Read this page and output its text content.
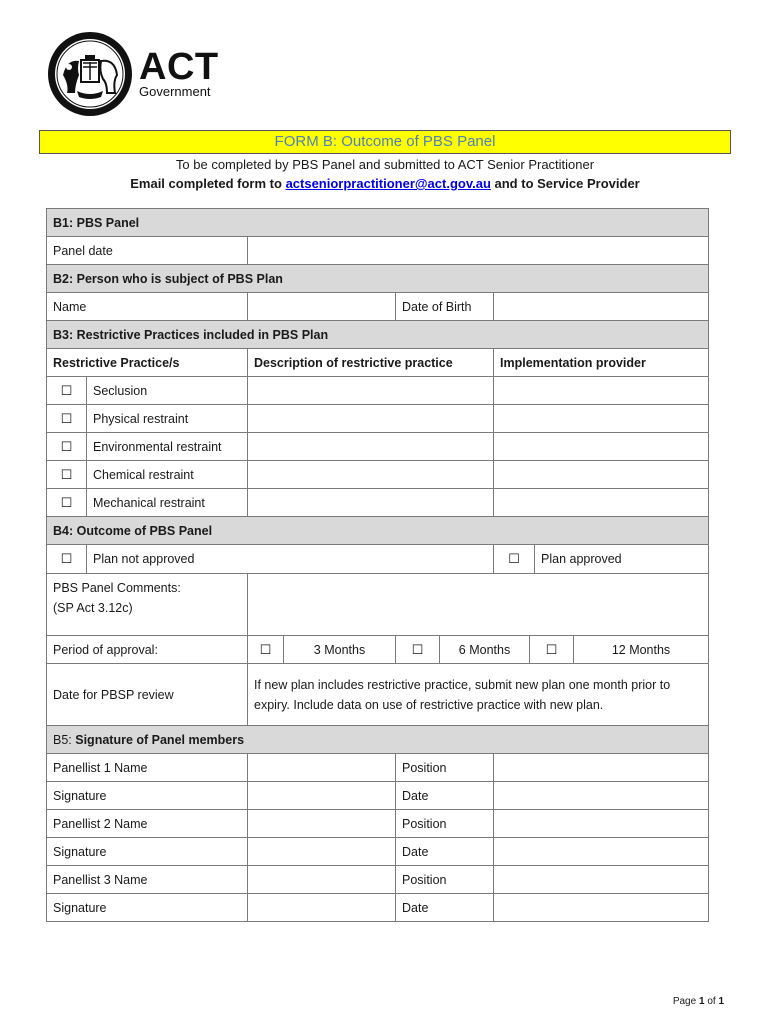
ACT
Government
FORM B: Outcome of PBS Panel
To be completed by PBS Panel and submitted to ACT Senior Practitioner
Email completed form to actseniorpractitioner@act.gov.au and to Service Provider
B1: PBS Panel								
Panel date								
B2: Person who is subject of PBS Plan								
Name				Date of Birth				
B3: Restrictive Practices included in PBS Plan								
Restrictive Practice/s		Description of restrictive practice				Implementation provider		
☐	Seclusion							
☐	Physical restraint							
☐	Environmental restraint							
☐	Chemical restraint							
☐	Mechanical restraint							
B4: Outcome of PBS Panel								
☐	Plan not approved					☐ Plan approved		

PBS Panel Comments:
(SP Act 3.12c)								

Period of approval:		☐	3 Months	☐	6 Months		☐	12 Months
Date for PBSP review		If new plan includes restrictive practice, submit new plan one month prior to expiry. Include data on use of restrictive practice with new plan.						
B5: Signature of Panel members								
Panellist 1 Name				Position				
Signature				Date				
Panellist 2 Name				Position				
Signature				Date				
Panellist 3 Name				Position				
Signature				Date				
Page 1 of 1
